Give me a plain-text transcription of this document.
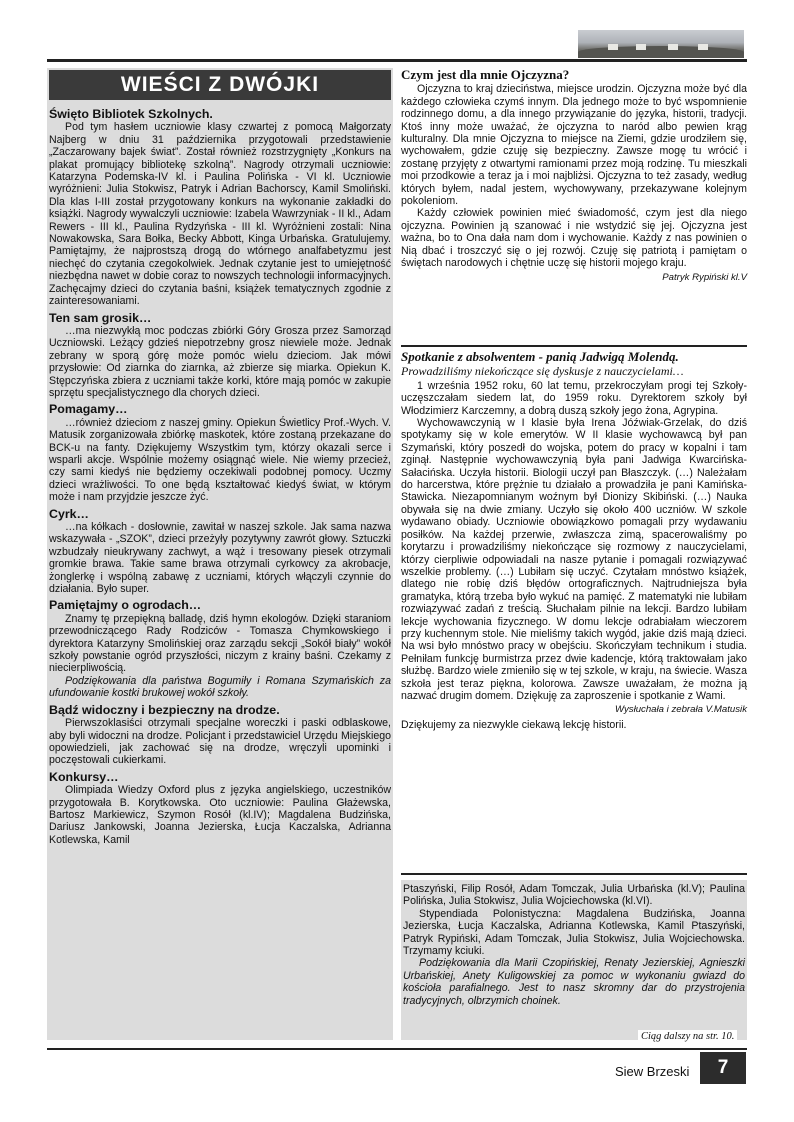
WIEŚCI Z DWÓJKI
Święto Bibliotek Szkolnych.

Pod tym hasłem uczniowie klasy czwartej z pomocą Małgorzaty Najberg w dniu 31 października przygotowali przedstawienie „Zaczarowany bajek świat”. Został również rozstrzygnięty „Konkurs na plakat promujący bibliotekę szkolną”. Nagrody otrzymali uczniowie: Katarzyna Podemska-IV kl. i Paulina Polińska - VI kl. Uczniowie wyróżnieni: Julia Stokwisz, Patryk i Adrian Bachorscy, Kamil Smoliński. Dla klas I-III został przygotowany konkurs na wykonanie zakładki do książki. Nagrody wywalczyli uczniowie: Izabela Wawrzyniak - II kl., Adam Rewers - III kl., Paulina Rydzyńska - III kl. Wyróżnieni zostali: Nina Nowakowska, Sara Bołka, Becky Abbott, Kinga Urbańska. Gratulujemy. Pamiętajmy, że najprostszą drogą do wtórnego analfabetyzmu jest niechęć do czytania czegokolwiek. Jednak czytanie jest to umiejętność niezbędna nawet w dobie coraz to nowszych technologii informacyjnych. Zachęcajmy dzieci do czytania baśni, książek tematycznych zgodnie z zainteresowaniami.

Ten sam grosik…

…ma niezwykłą moc podczas zbiórki Góry Grosza przez Samorząd Uczniowski. Leżący gdzieś niepotrzebny grosz niewiele może. Jednak zebrany w sporą górę może pomóc wielu dzieciom. Jak mówi przysłowie: Od ziarnka do ziarnka, aż zbierze się miarka. Opiekun K. Stępczyńska zbiera z uczniami także korki, które mają pomóc w zakupie sprzętu specjalistycznego dla chorych dzieci.

Pomagamy…

…również dzieciom z naszej gminy. Opiekun Świetlicy Prof.-Wych. V. Matusik zorganizowała zbiórkę maskotek, które zostaną przekazane do BCK-u na fanty. Dziękujemy Wszystkim tym, którzy okazali serce i wsparli akcje. Wspólnie możemy osiągnąć wiele. Nie wiemy przecież, czy sami kiedyś nie będziemy oczekiwali podobnej pomocy. Uczmy dzieci wrażliwości. To one będą kształtować kiedyś świat, w którym może i nam przyjdzie jeszcze żyć.

Cyrk…

…na kółkach - dosłownie, zawitał w naszej szkole. Jak sama nazwa wskazywała - „SZOK”, dzieci przeżyły pozytywny zawrót głowy. Sztuczki wzbudzały nieukrywany zachwyt, a wąż i tresowany piesek otrzymali gromkie brawa. Takie same brawa otrzymali cyrkowcy za akrobacje, żonglerkę i wspólną zabawę z uczniami, których włączyli czynnie do działania. Było super.

Pamiętajmy o ogrodach…

Znamy tę przepiękną balladę, dziś hymn ekologów. Dzięki staraniom przewodniczącego Rady Rodziców - Tomasza Chymkowskiego i dyrektora Katarzyny Smolińskiej oraz zarządu sekcji „Sokół biały” wokół szkoły powstanie ogród przyszłości, niczym z krainy baśni. Czekamy z niecierpliwością.

Podziękowania dla państwa Bogumiły i Romana Szymańskich za ufundowanie kostki brukowej wokół szkoły.

Bądź widoczny i bezpieczny na drodze.

Pierwszoklasiści otrzymali specjalne woreczki i paski odblaskowe, aby byli widoczni na drodze. Policjant i przedstawiciel Urzędu Miejskiego opowiedzieli, jak zachować się na drodze, wręczyli upominki i poczęstowali cukierkami.

Konkursy…

Olimpiada Wiedzy Oxford plus z języka angielskiego, uczestników przygotowała B. Korytkowska. Oto uczniowie: Paulina Głażewska, Bartosz Markiewicz, Szymon Rosół (kl.IV); Magdalena Budzińska, Dariusz Jankowski, Joanna Jezierska, Łucja Kaczalska, Adrianna Kotlewska, Kamil

Czym jest dla mnie Ojczyzna?

Ojczyzna to kraj dzieciństwa, miejsce urodzin. Ojczyzna może być dla każdego człowieka czymś innym. Dla jednego może to być wspomnienie rodzinnego domu, a dla innego przywiązanie do języka, historii, tradycji. Ktoś inny może uważać, że ojczyzna to naród albo pewien krąg kulturalny. Dla mnie Ojczyzna to miejsce na Ziemi, gdzie urodziłem się, wychowałem, gdzie czuję się bezpieczny. Zawsze mogę tu wrócić i zostanę przyjęty z otwartymi ramionami przez moją rodzinę. Tu mieszkali moi przodkowie a teraz ja i moi najbliżsi. Ojczyzna to też zasady, według których byłem, nadal jestem, wychowywany, przekazywane kolejnym pokoleniom.

Każdy człowiek powinien mieć świadomość, czym jest dla niego ojczyzna. Powinien ją szanować i nie wstydzić się jej. Ojczyzna jest ważna, bo to Ona dała nam dom i wychowanie. Każdy z nas powinien o Nią dbać i troszczyć się o jej rozwój. Czuję się patriotą i pamiętam o świętach narodowych i chętnie uczę się historii mojego kraju.

Patryk Rypiński kl.V
Spotkanie z absolwentem - panią Jadwigą Molendą.
Prowadziliśmy niekończące się dyskusje z nauczycielami…

1 września 1952 roku, 60 lat temu, przekroczyłam progi tej Szkoły- uczęszczałam siedem lat, do 1959 roku. Dyrektorem szkoły był Włodzimierz Karczemny, a dobrą duszą szkoły jego żona, Agrypina.

Wychowawczynią w I klasie była Irena Jóźwiak-Grzelak, do dziś spotykamy się w kole emerytów. W II klasie wychowawcą był pan Szymański, który poszedł do wojska, potem do pracy w kopalni i tam zginął. Następnie wychowawczynią była pani Jadwiga Kwarcińska-Sałacińska. Uczyła historii. Biologii uczył pan Błaszczyk. (…) Należałam do harcerstwa, które prężnie tu działało a prowadziła je pani Kamińska-Stawicka. Niezapomnianym woźnym był Dionizy Skibiński. (…) Nauka obywała się na dwie zmiany. Uczyło się około 400 uczniów. W szkole wydawano obiady. Uczniowie obowiązkowo pomagali przy wydawaniu posiłków. Na każdej przerwie, zwłaszcza zimą, spacerowaliśmy po korytarzu i prowadziliśmy niekończące się rozmowy z nauczycielami, którzy cierpliwie odpowiadali na nasze pytanie i pomagali rozwiązywać wszelkie problemy. (…) Lubiłam się uczyć. Czytałam mnóstwo książek, dlatego nie robię dziś błędów ortograficznych. Najtrudniejsza była gramatyka, którą trzeba było wykuć na pamięć. Z matematyki nie lubiłam rozwiązywać zadań z treścią. Słuchałam pilnie na lekcji. Bardzo lubiłam lekcje wychowania fizycznego. W domu lekcje odrabiałam wieczorem przy kuchennym stole. Nie mieliśmy takich wygód, jakie dziś mają dzieci. Na wsi było mnóstwo pracy w obejściu. Skończyłam technikum i studia. Pełniłam funkcję burmistrza przez dwie kadencje, którą traktowałam jako służbę. Bardzo wiele zmieniło się w tej szkole, w kraju, na świecie. Wasza szkoła jest teraz piękna, kolorowa. Zawsze uważałam, że można ją nazwać drugim domem. Dziękuję za zaproszenie i spotkanie z Wami.

Wysłuchała i zebrała V.Matusik

Dziękujemy za niezwykle ciekawą lekcję historii.

Ptaszyński, Filip Rosół, Adam Tomczak, Julia Urbańska (kl.V); Paulina Polińska, Julia Stokwisz, Julia Wojciechowska (kl.VI).

Stypendiada Polonistyczna: Magdalena Budzińska, Joanna Jezierska, Łucja Kaczalska, Adrianna Kotlewska, Kamil Ptaszyński, Patryk Rypiński, Adam Tomczak, Julia Stokwisz, Julia Wojciechowska. Trzymamy kciuki.

Podziękowania dla Marii Czopińskiej, Renaty Jezierskiej, Agnieszki Urbańskiej, Anety Kuligowskiej za pomoc w wykonaniu gwiazd do kościoła parafialnego. Jest to nasz skromny dar do przystrojenia tradycyjnych, olbrzymich choinek.

Ciąg dalszy na str. 10.
Siew Brzeski	7
